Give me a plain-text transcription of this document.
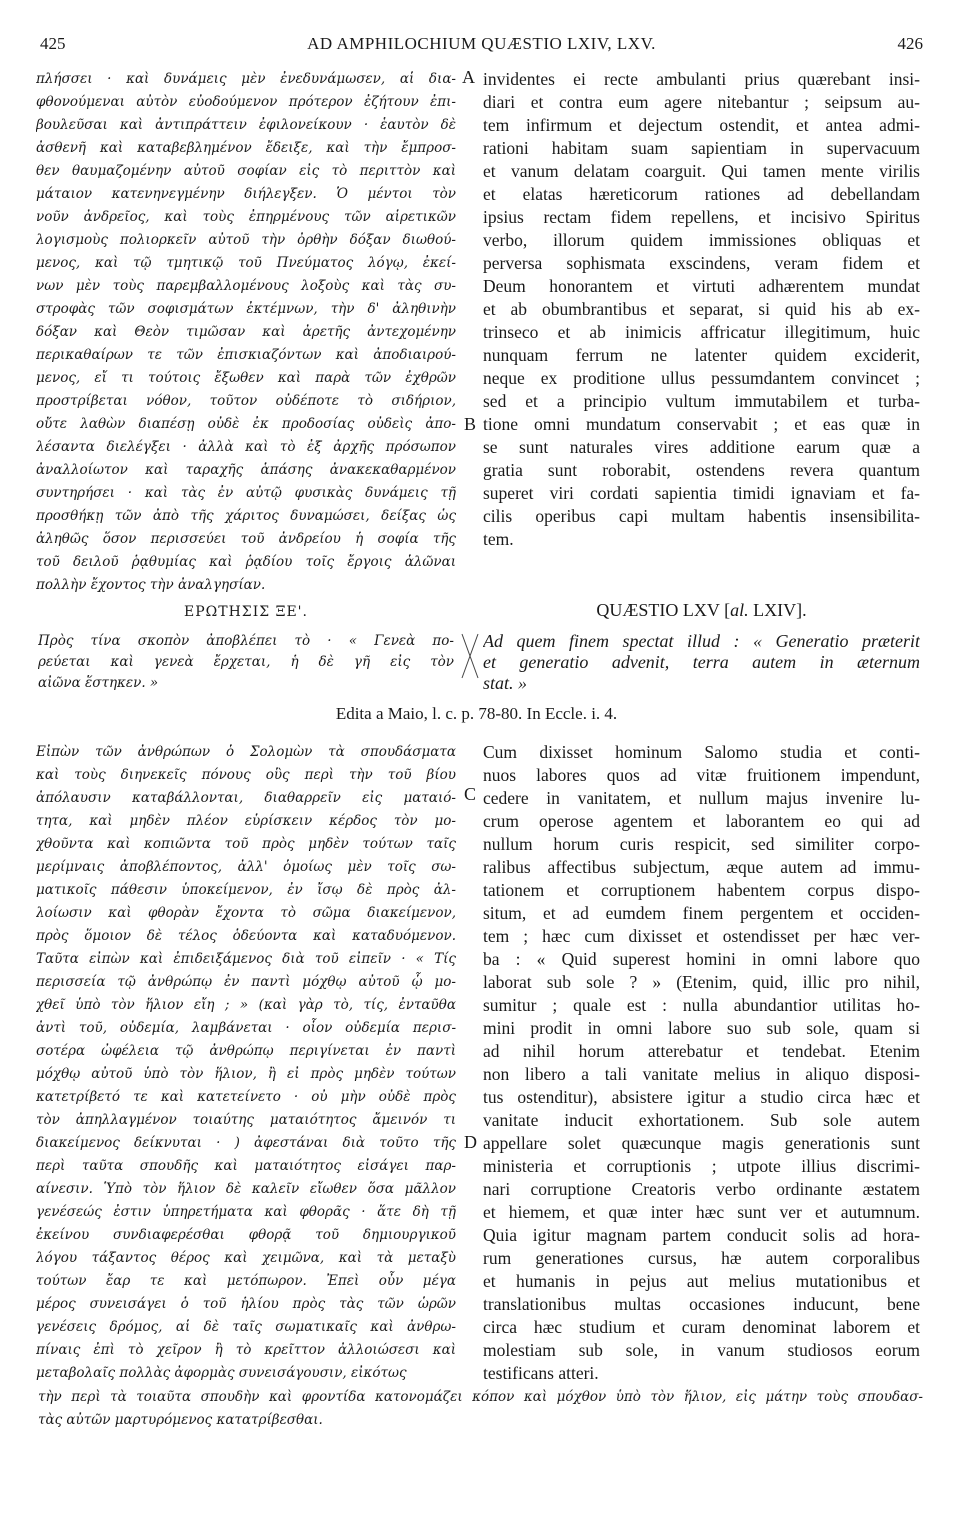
425	AD AMPHILOCHIUM QUÆSTIO LXIV, LXV.	426
πλήσσει · καὶ δυνάμεις μὲν ἐνεδυνάμωσεν, αἱ δια-
φθονούμεναι αὐτὸν εὐοδούμενον πρότερον ἐζήτουν ἐπι-
βουλεῦσαι καὶ ἀντιπράττειν ἐφιλονείκουν · ἑαυτὸν δὲ
ἀσθενῆ καὶ καταβεβλημένον ἔδειξε, καὶ τὴν ἔμπροσ-
θεν θαυμαζομένην αὐτοῦ σοφίαν εἰς τὸ περιττὸν καὶ
μάταιον κατενηνεγμένην διήλεγξεν. Ὁ μέντοι τὸν
νοῦν ἀνδρεῖος, καὶ τοὺς ἐπηρμένους τῶν αἱρετικῶν
λογισμοὺς πολιορκεῖν αὐτοῦ τὴν ὀρθὴν δόξαν διωθού-
μενος, καὶ τῷ τμητικῷ τοῦ Πνεύματος λόγῳ, ἐκεί-
νων μὲν τοὺς παρεμβαλλομένους λοξοὺς καὶ τὰς συ-
στροφὰς τῶν σοφισμάτων ἐκτέμνων, τὴν δ' ἀληθινὴν
δόξαν καὶ Θεὸν τιμῶσαν καὶ ἀρετῆς ἀντεχομένην
περικαθαίρων τε τῶν ἐπισκιαζόντων καὶ ἀποδιαιρού-
μενος, εἴ τι τούτοις ἔξωθεν καὶ παρὰ τῶν ἐχθρῶν
προστρίβεται νόθον, τοῦτον οὐδέποτε τὸ σιδήριον,
οὔτε λαθὼν διαπέσῃ οὐδὲ ἐκ προδοσίας οὐδεὶς ἀπο-
λέσαντα διελέγξει · ἀλλὰ καὶ τὸ ἐξ ἀρχῆς πρόσωπον
ἀναλλοίωτον καὶ ταραχῆς ἁπάσης ἀνακεκαθαρμένον
συντηρήσει · καὶ τὰς ἐν αὐτῷ φυσικὰς δυνάμεις τῇ
προσθήκῃ τῶν ἀπὸ τῆς χάριτος δυναμώσει, δείξας ὡς
ἀληθῶς ὅσον περισσεύει τοῦ ἀνδρείου ἡ σοφία τῆς
τοῦ δειλοῦ ῥᾳθυμίας καὶ ῥᾳδίου τοῖς ἔργοις ἁλῶναι
πολλὴν ἔχοντος τὴν ἀναλγησίαν.
invidentes ei recte ambulanti prius quærebant insi-
diari et contra eum agere nitebantur ; seipsum au-
tem infirmum et dejectum ostendit, et antea admi-
rationi habitam suam sapientiam in supervacuum
et vanum delatam coarguit. Qui tamen mente virilis
et elatas hæreticorum rationes ad debellandam
ipsius rectam fidem repellens, et incisivo Spiritus
verbo, illorum quidem immissiones obliquas et
perversa sophismata exscindens, veram fidem et
Deum honorantem et virtuti adhærentem mundat
et ab obumbrantibus et separat, si quid his ab ex-
trinseco et ab inimicis affricatur illegitimum, huic
nunquam ferrum ne latenter quidem exciderit,
neque ex proditione ullus pessumdantem convincet ;
sed et a principio vultum immutabilem et turba-
tione omni mundatum conservabit ; et eas quæ in
se sunt naturales vires additione earum quæ a
gratia sunt roborabit, ostendens revera quantum
superet viri cordati sapientia timidi ignaviam et fa-
cilis operibus capi multam habentis insensibilita-
tem.
A
B
ΕΡΩΤΗΣΙΣ ΞΕ'.	QUÆSTIO LXV [al. LXIV].
Πρὸς τίνα σκοπὸν ἀποβλέπει τὸ · « Γενεὰ πο-
ρεύεται καὶ γενεὰ ἔρχεται, ἡ δὲ γῆ εἰς τὸν
αἰῶνα ἕστηκεν. »
Ad quem finem spectat illud : « Generatio præterit
et generatio advenit, terra autem in æternum
stat. »
Edita a Maio, l. c. p. 78-80. In Eccle. i. 4.
Εἰπὼν τῶν ἀνθρώπων ὁ Σολομὼν τὰ σπουδάσματα
καὶ τοὺς διηνεκεῖς πόνους οὓς περὶ τὴν τοῦ βίου
ἀπόλαυσιν καταβάλλονται, διαθαρρεῖν εἰς ματαιό-
τητα, καὶ μηδὲν πλέον εὑρίσκειν κέρδος τὸν μο-
χθοῦντα καὶ κοπιῶντα τοῦ πρὸς μηδὲν τούτων ταῖς
μερίμναις ἀποβλέποντος, ἀλλ' ὁμοίως μὲν τοῖς σω-
ματικοῖς πάθεσιν ὑποκείμενον, ἐν ἴσῳ δὲ πρὸς ἀλ-
λοίωσιν καὶ φθορὰν ἔχοντα τὸ σῶμα διακείμενον,
πρὸς ὅμοιον δὲ τέλος ὁδεύοντα καὶ καταδυόμενον.
Ταῦτα εἰπὼν καὶ ἐπιδειξάμενος διὰ τοῦ εἰπεῖν · « Τίς
περισσεία τῷ ἀνθρώπῳ ἐν παντὶ μόχθῳ αὐτοῦ ᾧ μο-
χθεῖ ὑπὸ τὸν ἥλιον εἴη ; » (καὶ γὰρ τὸ, τίς, ἐνταῦθα
ἀντὶ τοῦ, οὐδεμία, λαμβάνεται · οἷον οὐδεμία περισ-
σοτέρα ὠφέλεια τῷ ἀνθρώπῳ περιγίνεται ἐν παντὶ
μόχθῳ αὐτοῦ ὑπὸ τὸν ἥλιον, ἢ εἰ πρὸς μηδὲν τούτων
κατετρίβετό τε καὶ κατετείνετο · οὐ μὴν οὐδὲ πρὸς
τὸν ἀπηλλαγμένον τοιαύτης ματαιότητος ἄμεινόν τι
διακείμενος δείκνυται · ) ἀφεστάναι διὰ τοῦτο τῆς
περὶ ταῦτα σπουδῆς καὶ ματαιότητος εἰσάγει παρ-
αίνεσιν. Ὑπὸ τὸν ἥλιον δὲ καλεῖν εἴωθεν ὅσα μᾶλλον
γενέσεώς ἐστιν ὑπηρετήματα καὶ φθορᾶς · ἅτε δὴ τῇ
ἐκείνου συνδιαφερέσθαι φθορᾷ τοῦ δημιουργικοῦ
λόγου τάξαντος θέρος καὶ χειμῶνα, καὶ τὰ μεταξὺ
τούτων ἔαρ τε καὶ μετόπωρον. Ἐπεὶ οὖν μέγα
μέρος συνεισάγει ὁ τοῦ ἡλίου πρὸς τὰς τῶν ὡρῶν
γενέσεις δρόμος, αἱ δὲ ταῖς σωματικαῖς καὶ ἀνθρω-
πίναις ἐπὶ τὸ χεῖρον ἢ τὸ κρεῖττον ἀλλοιώσεσι καὶ
μεταβολαῖς πολλὰς ἀφορμὰς συνεισάγουσιν, εἰκότως
Cum dixisset hominum Salomo studia et conti-
nuos labores quos ad vitæ fruitionem impendunt,
cedere in vanitatem, et nullum majus invenire lu-
crum operose agentem et laborantem eo qui ad
nullum horum curis respicit, sed similiter corpo-
ralibus affectibus subjectum, æque autem ad immu-
tationem et corruptionem habentem corpus dispo-
situm, et ad eumdem finem pergentem et occiden-
tem ; hæc cum dixisset et ostendisset per hæc ver-
ba : « Quid superest homini in omni labore quo
laborat sub sole ? » (Etenim, quid, illic pro nihil,
sumitur ; quale est : nulla abundantior utilitas ho-
mini prodit in omni labore suo sub sole, quam si
ad nihil horum atterebatur et tendebat. Etenim
non libero a tali vanitate melius in aliquo disposi-
tus ostenditur), absistere igitur a studio circa hæc et
vanitate inducit exhortationem. Sub sole autem
appellare solet quæcunque magis generationis sunt
ministeria et corruptionis ; utpote illius discrimi-
nari corruptione Creatoris verbo ordinante æstatem
et hiemem, et quæ inter hæc sunt ver et autumnum.
Quia igitur magnam partem conducit solis ad hora-
rum generationes cursus, hæ autem corporalibus
et humanis in pejus aut melius mutationibus et
translationibus multas occasiones inducunt, bene
circa hæc studium et curam denominat laborem et
molestiam sub sole, in vanum studiosos eorum
testificans atteri.
C
D
τὴν περὶ τὰ τοιαῦτα σπουδὴν καὶ φροντίδα κατονομάζει κόπον καὶ μόχθον ὑπὸ τὸν ἥλιον, εἰς μάτην τοὺς σπουδασ-
τὰς αὐτῶν μαρτυρόμενος κατατρίβεσθαι.
